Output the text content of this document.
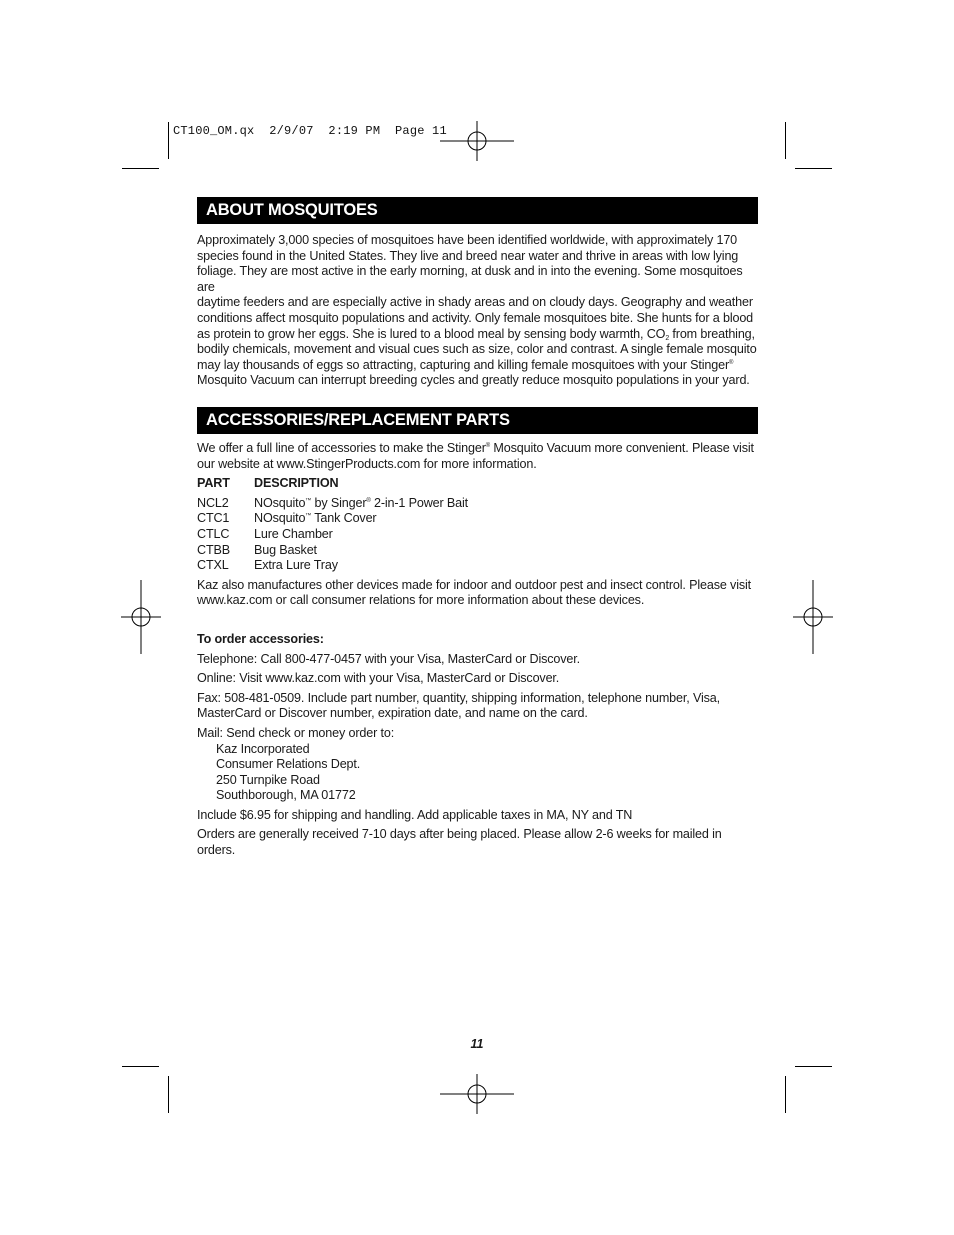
CT100_OM.qx  2/9/07  2:19 PM  Page 11
ABOUT MOSQUITOES

Approximately 3,000 species of mosquitoes have been identified worldwide, with approximately 170

species found in the United States. They live and breed near water and thrive in areas with low lying

foliage. They are most active in the early morning, at dusk and in into the evening. Some mosquitoes are

daytime feeders and are especially active in shady areas and on cloudy days. Geography and weather

conditions affect mosquito populations and activity. Only female mosquitoes bite. She hunts for a blood

as protein to grow her eggs. She is lured to a blood meal by sensing body warmth, $CO_2$ from breathing,

bodily chemicals, movement and visual cues such as size, color and contrast. A single female mosquito

may lay thousands of eggs so attracting, capturing and killing female mosquitoes with your Stinger®

Mosquito Vacuum can interrupt breeding cycles and greatly reduce mosquito populations in your yard.

ACCESSORIES/REPLACEMENT PARTS

We offer a full line of accessories to make the Stinger® Mosquito Vacuum more convenient. Please visit

our website at www.StingerProducts.com for more information.

PART	DESCRIPTION
NCL2	NOsquito™ by Singer® 2-in-1 Power Bait
CTC1	NOsquito™ Tank Cover
CTLC	Lure Chamber
CTBB	Bug Basket
CTXL	Extra Lure Tray

Kaz also manufactures other devices made for indoor and outdoor pest and insect control. Please visit

www.kaz.com or call consumer relations for more information about these devices.

To order accessories:

Telephone: Call 800-477-0457 with your Visa, MasterCard or Discover.

Online: Visit www.kaz.com with your Visa, MasterCard or Discover.

Fax: 508-481-0509. Include part number, quantity, shipping information, telephone number, Visa,

MasterCard or Discover number, expiration date, and name on the card.

Mail: Send check or money order to:

Kaz Incorporated

Consumer Relations Dept.

250 Turnpike Road

Southborough, MA 01772

Include $6.95 for shipping and handling. Add applicable taxes in MA, NY and TN

Orders are generally received 7-10 days after being placed. Please allow 2-6 weeks for mailed in orders.

11
